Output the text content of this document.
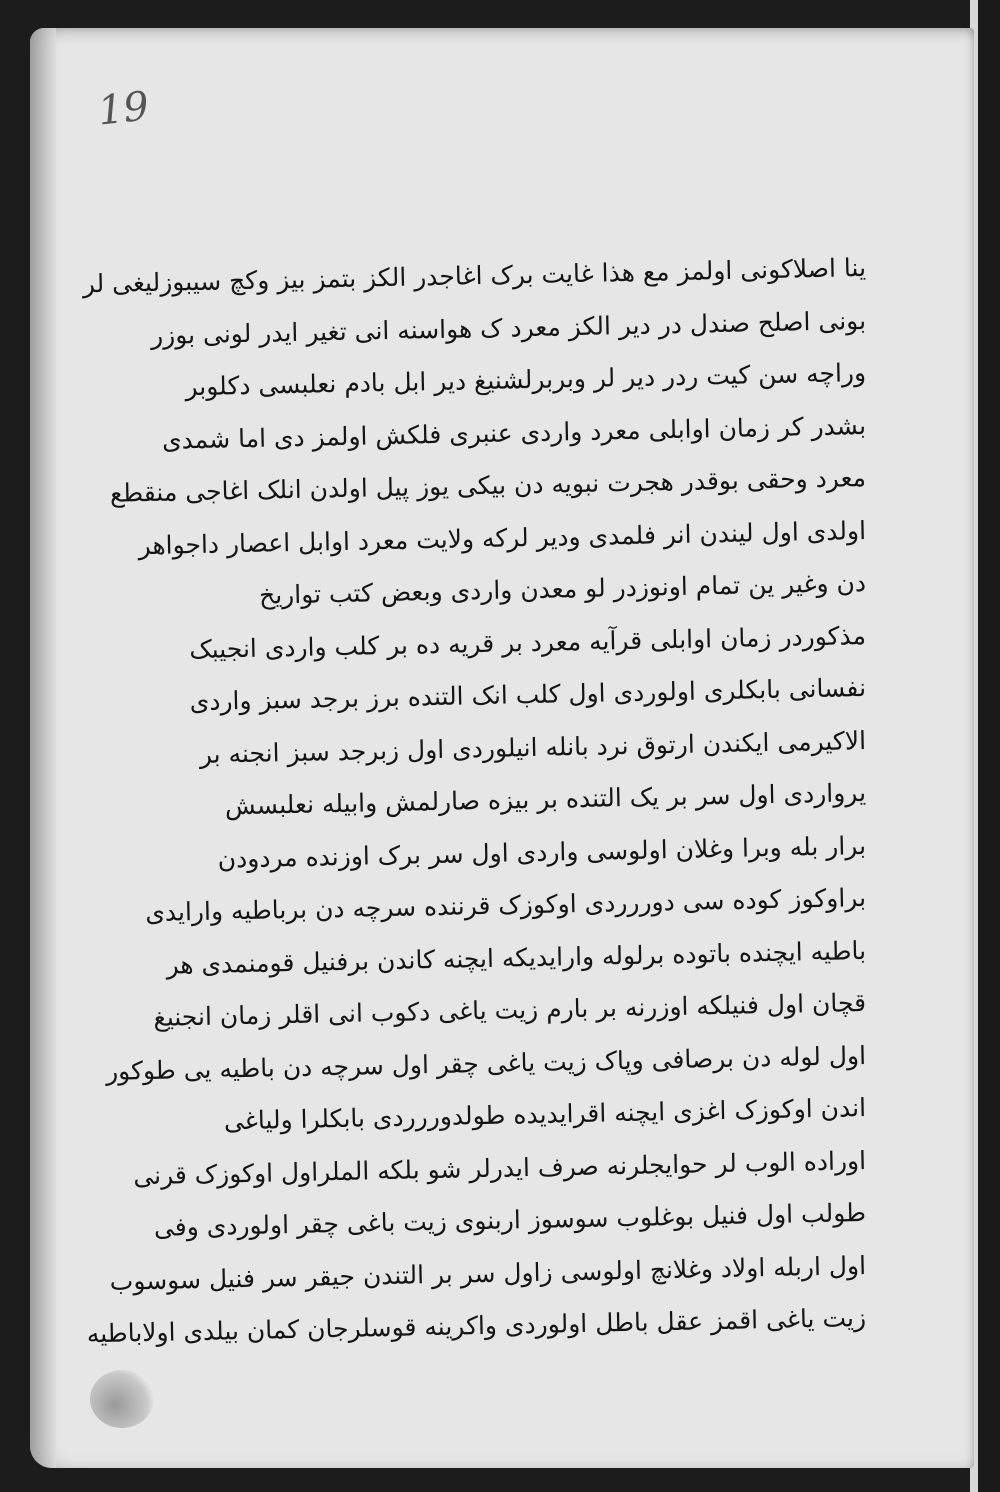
19
ینا اصلاکونی اولمز مع هذا غایت برک اغاجدر الکز بتمز بیز وکچ سیبوزلیغی لر
بونی اصلح صندل در دیر الکز معرد ک هواسنه انی تغیر ایدر لونی بوزر
وراچه سن کیت ردر دیر لر وبربرلشنیغ دیر ابل بادم نعلبسی دکلوبر
بشدر کر زمان اوابلی معرد واردی عنبری فلکش اولمز دی اما شمدی
معرد وحقی بوقدر هجرت نبویه دن بیکی یوز پیل اولدن انلک اغاجی منقطع
اولدی اول لیندن انر فلمدی ودیر لرکه ولایت معرد اوابل اعصار داجواهر
دن وغیر ین تمام اونوزدر لو معدن واردی وبعض کتب تواریخ
مذکوردر زمان اوابلی قرآیه معرد بر قریه ده بر کلب واردی انجیبک
نفسانی بابکلری اولوردی اول کلب انک التنده برز برجد سبز واردی
الاکیرمی ایکندن ارتوق نرد بانله انیلوردی اول زبرجد سبز انجنه بر
یرواردی اول سر بر یک التنده بر بیزه صارلمش وابیله نعلبسش
برار بله وبرا وغلان اولوسی واردی اول سر برک اوزنده مردودن
براوکوز کوده سی دوررردی اوکوزک قرننده سرچه دن برباطیه وارایدی
باطیه ایچنده باتوده برلوله وارایدیکه ایچنه کاندن برفنیل قومنمدی هر
قچان اول فنیلکه اوزرنه بر بارم زیت یاغی دکوب انی اقلر زمان انجنیغ
اول لوله دن برصافی وپاک زیت یاغی چقر اول سرچه دن باطیه یی طوکور
اندن اوکوزک اغزی ایچنه اقرایدیده طولدوررردی بابکلرا ولیاغی
اوراده الوب لر حوایجلرنه صرف ایدرلر شو بلکه الملراول اوکوزک قرنی
طولب اول فنیل بوغلوب سوسوز اربنوی زیت باغی چقر اولوردی وفی
اول اربله اولاد وغلانچ اولوسی زاول سر بر التندن جیقر سر فنیل سوسوب
زیت یاغی اقمز عقل باطل اولوردی واکرینه قوسلرجان کمان بیلدی اولاباطیه
